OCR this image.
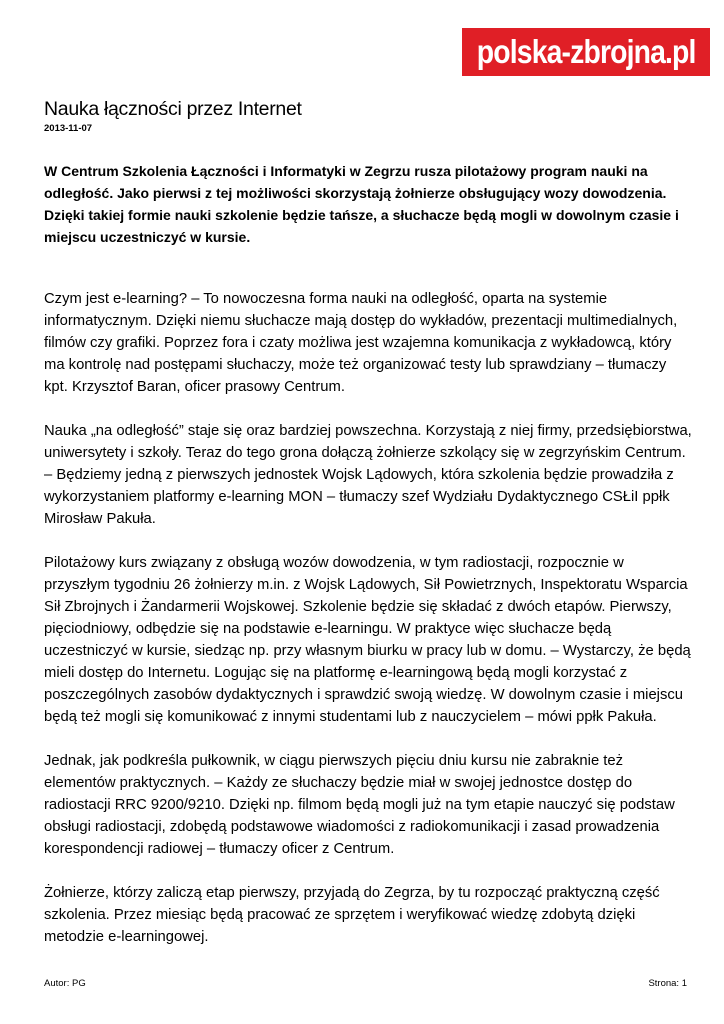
polska-zbrojna.pl
Nauka łączności przez Internet
2013-11-07

W Centrum Szkolenia Łączności i Informatyki w Zegrzu rusza pilotażowy program nauki na odległość. Jako pierwsi z tej możliwości skorzystają żołnierze obsługujący wozy dowodzenia. Dzięki takiej formie nauki szkolenie będzie tańsze, a słuchacze będą mogli w dowolnym czasie i miejscu uczestniczyć w kursie.

Czym jest e-learning? – To nowoczesna forma nauki na odległość, oparta na systemie informatycznym. Dzięki niemu słuchacze mają dostęp do wykładów, prezentacji multimedialnych, filmów czy grafiki. Poprzez fora i czaty możliwa jest wzajemna komunikacja z wykładowcą, który ma kontrolę nad postępami słuchaczy, może też organizować testy lub sprawdziany – tłumaczy kpt. Krzysztof Baran, oficer prasowy Centrum.

Nauka „na odległość” staje się oraz bardziej powszechna. Korzystają z niej firmy, przedsiębiorstwa, uniwersytety i szkoły. Teraz do tego grona dołączą żołnierze szkolący się w zegrzyńskim Centrum. – Będziemy jedną z pierwszych jednostek Wojsk Lądowych, która szkolenia będzie prowadziła z wykorzystaniem platformy e-learning MON – tłumaczy szef Wydziału Dydaktycznego CSŁiI ppłk Mirosław Pakuła.

Pilotażowy kurs związany z obsługą wozów dowodzenia, w tym radiostacji, rozpocznie w przyszłym tygodniu 26 żołnierzy m.in. z Wojsk Lądowych, Sił Powietrznych, Inspektoratu Wsparcia Sił Zbrojnych i Żandarmerii Wojskowej. Szkolenie będzie się składać z dwóch etapów. Pierwszy, pięciodniowy, odbędzie się na podstawie e-learningu. W praktyce więc słuchacze będą uczestniczyć w kursie, siedząc np. przy własnym biurku w pracy lub w domu. – Wystarczy, że będą mieli dostęp do Internetu. Logując się na platformę e-learningową będą mogli korzystać z poszczególnych zasobów dydaktycznych i sprawdzić swoją wiedzę. W dowolnym czasie i miejscu będą też mogli się komunikować z innymi studentami lub z nauczycielem – mówi ppłk Pakuła.

Jednak, jak podkreśla pułkownik, w ciągu pierwszych pięciu dniu kursu nie zabraknie też elementów praktycznych. – Każdy ze słuchaczy będzie miał w swojej jednostce dostęp do radiostacji RRC 9200/9210. Dzięki np. filmom będą mogli już na tym etapie nauczyć się podstaw obsługi radiostacji, zdobędą podstawowe wiadomości z radiokomunikacji i zasad prowadzenia korespondencji radiowej – tłumaczy oficer z Centrum.

Żołnierze, którzy zaliczą etap pierwszy, przyjadą do Zegrza, by tu rozpocząć praktyczną część szkolenia. Przez miesiąc będą pracować ze sprzętem i weryfikować wiedzę zdobytą dzięki metodzie e-learningowej.

Autor: PG	Strona: 1
